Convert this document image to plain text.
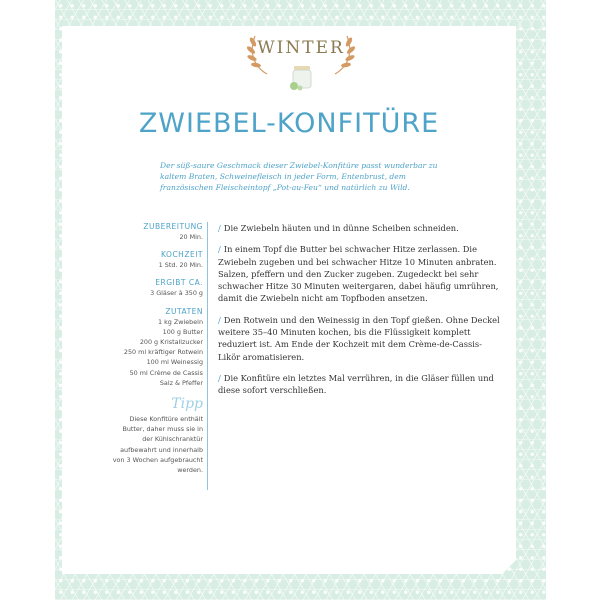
WINTER
ZWIEBEL-KONFITÜRE

Der süß-saure Geschmack dieser Zwiebel-Konfitüre passt wunderbar zu kaltem Braten, Schweinefleisch in jeder Form, Entenbrust, dem französischen Fleischeintopf „Pot-au-Feu“ und natürlich zu Wild.

ZUBEREITUNG

20 Min.

KOCHZEIT

1 Std. 20 Min.

ERGIBT CA.

3 Gläser à 350 g

ZUTATEN

1 kg Zwiebeln

100 g Butter

200 g Kristallzucker

250 ml kräftiger Rotwein

100 ml Weinessig

50 ml Crème de Cassis

Salz & Pfeffer

Tipp

Diese Konfitüre enthält Butter, daher muss sie in der Kühlschranktür aufbewahrt und innerhalb von 3 Wochen aufgebraucht werden.

/ Die Zwiebeln häuten und in dünne Scheiben schneiden.

/ In einem Topf die Butter bei schwacher Hitze zerlassen. Die Zwiebeln zugeben und bei schwacher Hitze 10 Minuten anbraten. Salzen, pfeffern und den Zucker zugeben. Zugedeckt bei sehr schwacher Hitze 30 Minuten weitergaren, dabei häufig umrühren, damit die Zwiebeln nicht am Topfboden ansetzen.

/ Den Rotwein und den Weinessig in den Topf gießen. Ohne Deckel weitere 35–40 Minuten kochen, bis die Flüssigkeit komplett reduziert ist. Am Ende der Kochzeit mit dem Crème-de-Cassis-Likör aromatisieren.

/ Die Konfitüre ein letztes Mal verrühren, in die Gläser füllen und diese sofort verschließen.
